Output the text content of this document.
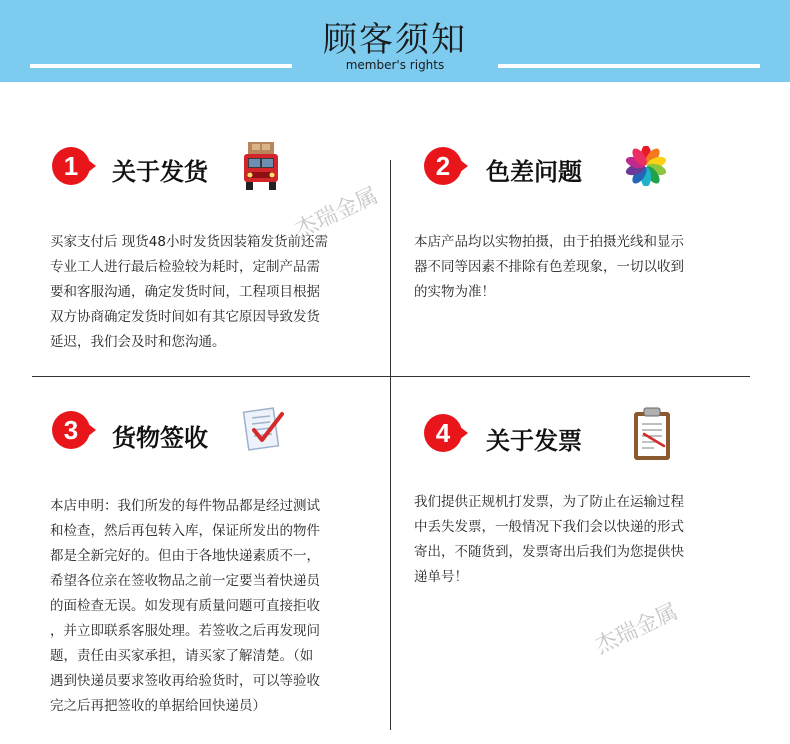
顾客须知
member's rights
杰瑞金属
杰瑞金属
1	关于发货
买家支付后 现货48小时发货因装箱发货前还需
专业工人进行最后检验较为耗时，定制产品需
要和客服沟通，确定发货时间，工程项目根据
双方协商确定发货时间如有其它原因导致发货
延迟，我们会及时和您沟通。
2	色差问题
本店产品均以实物拍摄，由于拍摄光线和显示
器不同等因素不排除有色差现象，一切以收到
的实物为准！
3	货物签收
本店申明：我们所发的每件物品都是经过测试
和检查，然后再包转入库，保证所发出的物件
都是全新完好的。但由于各地快递素质不一，
希望各位亲在签收物品之前一定要当着快递员
的面检查无误。如发现有质量问题可直接拒收
，并立即联系客服处理。若签收之后再发现问
题，责任由买家承担，请买家了解清楚。（如
遇到快递员要求签收再给验货时，可以等验收
完之后再把签收的单据给回快递员）
4	关于发票
我们提供正规机打发票，为了防止在运输过程
中丢失发票，一般情况下我们会以快递的形式
寄出，不随货到，发票寄出后我们为您提供快
递单号！
